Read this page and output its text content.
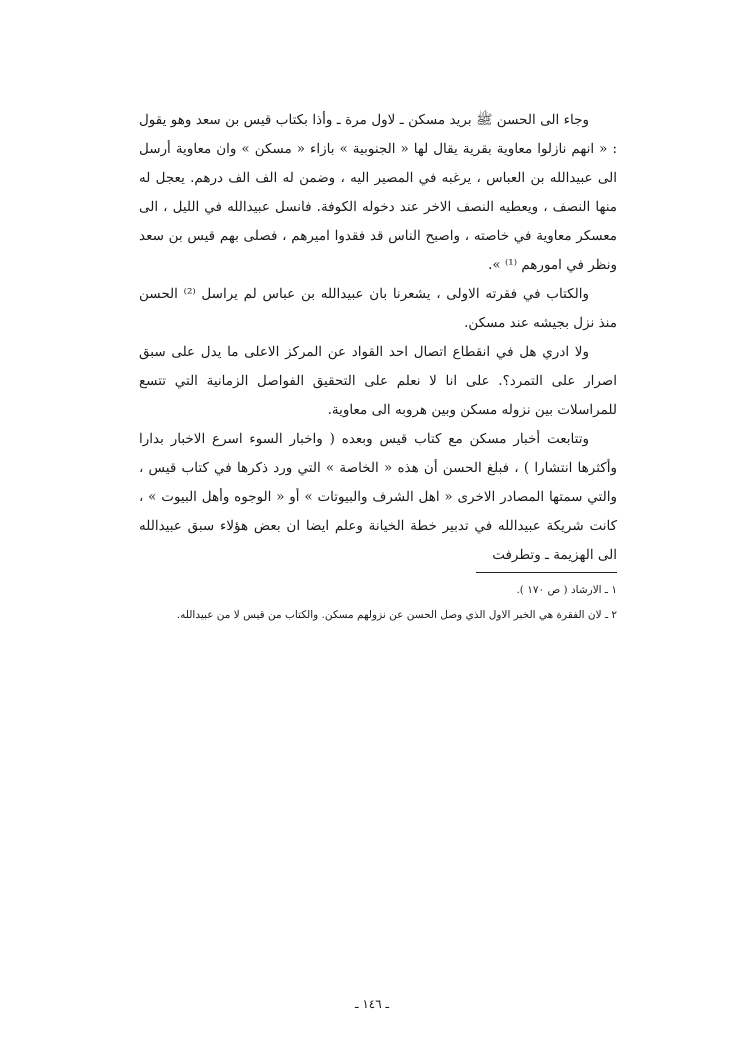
وجاء الى الحسن ﷺ بريد مسكن ـ لاول مرة ـ وأذا بكتاب قيس بن سعد وهو يقول : « انهم نازلوا معاوية بقرية يقال لها « الجنوبية » بازاء « مسكن » وان معاوية أرسل الى عبيدالله بن العباس ، يرغبه في المصير اليه ، وضمن له الف الف درهم. يعجل له منها النصف ، ويعطيه النصف الاخر عند دخوله الكوفة. فانسل عبيدالله في الليل ، الى معسكر معاوية في خاصته ، واصبح الناس قد فقدوا اميرهم ، فصلى بهم قيس بن سعد ونظر في امورهم ⁽¹⁾ ».

والكتاب في فقرته الاولى ، يشعرنا بان عبيدالله بن عباس لم يراسل ⁽²⁾ الحسن منذ نزل بجيشه عند مسكن.

ولا ادري هل في انقطاع اتصال احد القواد عن المركز الاعلى ما يدل على سبق اصرار على التمرد؟. على انا لا نعلم على التحقيق الفواصل الزمانية التي تتسع للمراسلات بين نزوله مسكن وبين هروبه الى معاوية.

وتتابعت أخبار مسكن مع كتاب قيس وبعده ( واخبار السوء اسرع الاخبار بدارا وأكثرها انتشارا ) ، فبلغ الحسن أن هذه « الخاصة » التي ورد ذكرها في كتاب قيس ، والتي سمتها المصادر الاخرى « اهل الشرف والبيوتات » أو « الوجوه وأهل البيوت » ، كانت شريكة عبيدالله في تدبير خطة الخيانة وعلم ايضا ان بعض هؤلاء سبق عبيدالله الى الهزيمة ـ وتطرفت

١ ـ الارشاد ( ص ١٧٠ ).

٢ ـ لان الفقرة هي الخبر الاول الذي وصل الحسن عن نزولهم مسكن. والكتاب من قيس لا من عبيدالله.

ـ ١٤٦ ـ
